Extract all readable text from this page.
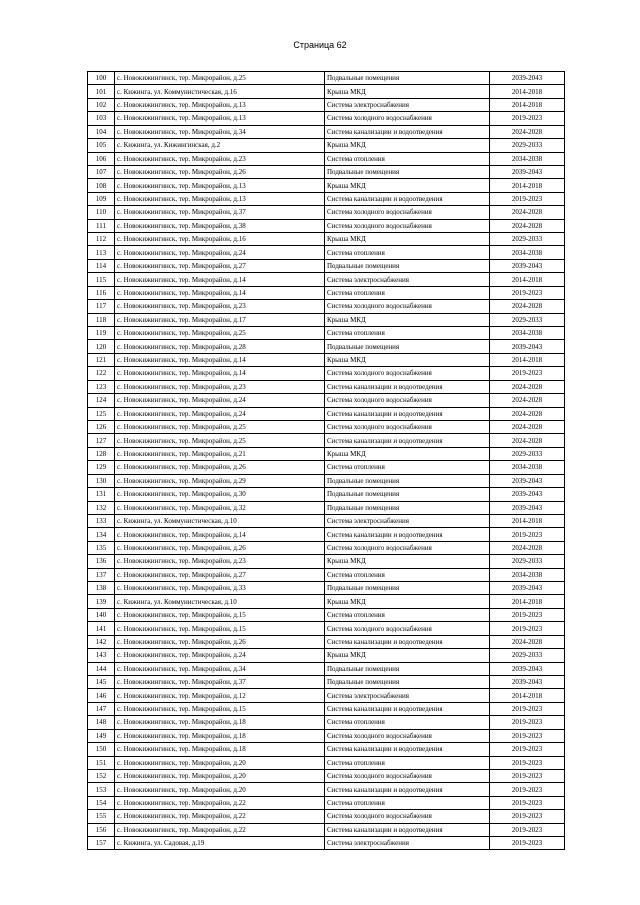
Страница 62
100	с. Новокижингинск, тер. Микрорайон, д.25	Подвальные помещения	2039-2043
101	с. Кижинга, ул. Коммунистическая, д.16	Крыша МКД	2014-2018
102	с. Новокижингинск, тер. Микрорайон, д.13	Система электроснабжения	2014-2018
103	с. Новокижингинск, тер. Микрорайон, д.13	Система холодного водоснабжения	2019-2023
104	с. Новокижингинск, тер. Микрорайон, д.34	Система канализации и водоотведения	2024-2028
105	с. Кижинга, ул. Кижингинская, д.2	Крыша МКД	2029-2033
106	с. Новокижингинск, тер. Микрорайон, д.23	Система отопления	2034-2038
107	с. Новокижингинск, тер. Микрорайон, д.26	Подвальные помещения	2039-2043
108	с. Новокижингинск, тер. Микрорайон, д.13	Крыша МКД	2014-2018
109	с. Новокижингинск, тер. Микрорайон, д.13	Система канализации и водоотведения	2019-2023
110	с. Новокижингинск, тер. Микрорайон, д.37	Система холодного водоснабжения	2024-2028
111	с. Новокижингинск, тер. Микрорайон, д.38	Система холодного водоснабжения	2024-2028
112	с. Новокижингинск, тер. Микрорайон, д.16	Крыша МКД	2029-2033
113	с. Новокижингинск, тер. Микрорайон, д.24	Система отопления	2034-2038
114	с. Новокижингинск, тер. Микрорайон, д.27	Подвальные помещения	2039-2043
115	с. Новокижингинск, тер. Микрорайон, д.14	Система электроснабжения	2014-2018
116	с. Новокижингинск, тер. Микрорайон, д.14	Система отопления	2019-2023
117	с. Новокижингинск, тер. Микрорайон, д.23	Система холодного водоснабжения	2024-2028
118	с. Новокижингинск, тер. Микрорайон, д.17	Крыша МКД	2029-2033
119	с. Новокижингинск, тер. Микрорайон, д.25	Система отопления	2034-2038
120	с. Новокижингинск, тер. Микрорайон, д.28	Подвальные помещения	2039-2043
121	с. Новокижингинск, тер. Микрорайон, д.14	Крыша МКД	2014-2018
122	с. Новокижингинск, тер. Микрорайон, д.14	Система холодного водоснабжения	2019-2023
123	с. Новокижингинск, тер. Микрорайон, д.23	Система канализации и водоотведения	2024-2028
124	с. Новокижингинск, тер. Микрорайон, д.24	Система холодного водоснабжения	2024-2028
125	с. Новокижингинск, тер. Микрорайон, д.24	Система канализации и водоотведения	2024-2028
126	с. Новокижингинск, тер. Микрорайон, д.25	Система холодного водоснабжения	2024-2028
127	с. Новокижингинск, тер. Микрорайон, д.25	Система канализации и водоотведения	2024-2028
128	с. Новокижингинск, тер. Микрорайон, д.21	Крыша МКД	2029-2033
129	с. Новокижингинск, тер. Микрорайон, д.26	Система отопления	2034-2038
130	с. Новокижингинск, тер. Микрорайон, д.29	Подвальные помещения	2039-2043
131	с. Новокижингинск, тер. Микрорайон, д.30	Подвальные помещения	2039-2043
132	с. Новокижингинск, тер. Микрорайон, д.32	Подвальные помещения	2039-2043
133	с. Кижинга, ул. Коммунистическая, д.10	Система электроснабжения	2014-2018
134	с. Новокижингинск, тер. Микрорайон, д.14	Система канализации и водоотведения	2019-2023
135	с. Новокижингинск, тер. Микрорайон, д.26	Система холодного водоснабжения	2024-2028
136	с. Новокижингинск, тер. Микрорайон, д.23	Крыша МКД	2029-2033
137	с. Новокижингинск, тер. Микрорайон, д.27	Система отопления	2034-2038
138	с. Новокижингинск, тер. Микрорайон, д.33	Подвальные помещения	2039-2043
139	с. Кижинга, ул. Коммунистическая, д.10	Крыша МКД	2014-2018
140	с. Новокижингинск, тер. Микрорайон, д.15	Система отопления	2019-2023
141	с. Новокижингинск, тер. Микрорайон, д.15	Система холодного водоснабжения	2019-2023
142	с. Новокижингинск, тер. Микрорайон, д.26	Система канализации и водоотведения	2024-2028
143	с. Новокижингинск, тер. Микрорайон, д.24	Крыша МКД	2029-2033
144	с. Новокижингинск, тер. Микрорайон, д.34	Подвальные помещения	2039-2043
145	с. Новокижингинск, тер. Микрорайон, д.37	Подвальные помещения	2039-2043
146	с. Новокижингинск, тер. Микрорайон, д.12	Система электроснабжения	2014-2018
147	с. Новокижингинск, тер. Микрорайон, д.15	Система канализации и водоотведения	2019-2023
148	с. Новокижингинск, тер. Микрорайон, д.18	Система отопления	2019-2023
149	с. Новокижингинск, тер. Микрорайон, д.18	Система холодного водоснабжения	2019-2023
150	с. Новокижингинск, тер. Микрорайон, д.18	Система канализации и водоотведения	2019-2023
151	с. Новокижингинск, тер. Микрорайон, д.20	Система отопления	2019-2023
152	с. Новокижингинск, тер. Микрорайон, д.20	Система холодного водоснабжения	2019-2023
153	с. Новокижингинск, тер. Микрорайон, д.20	Система канализации и водоотведения	2019-2023
154	с. Новокижингинск, тер. Микрорайон, д.22	Система отопления	2019-2023
155	с. Новокижингинск, тер. Микрорайон, д.22	Система холодного водоснабжения	2019-2023
156	с. Новокижингинск, тер. Микрорайон, д.22	Система канализации и водоотведения	2019-2023
157	с. Кижинга, ул. Садовая, д.19	Система электроснабжения	2019-2023
